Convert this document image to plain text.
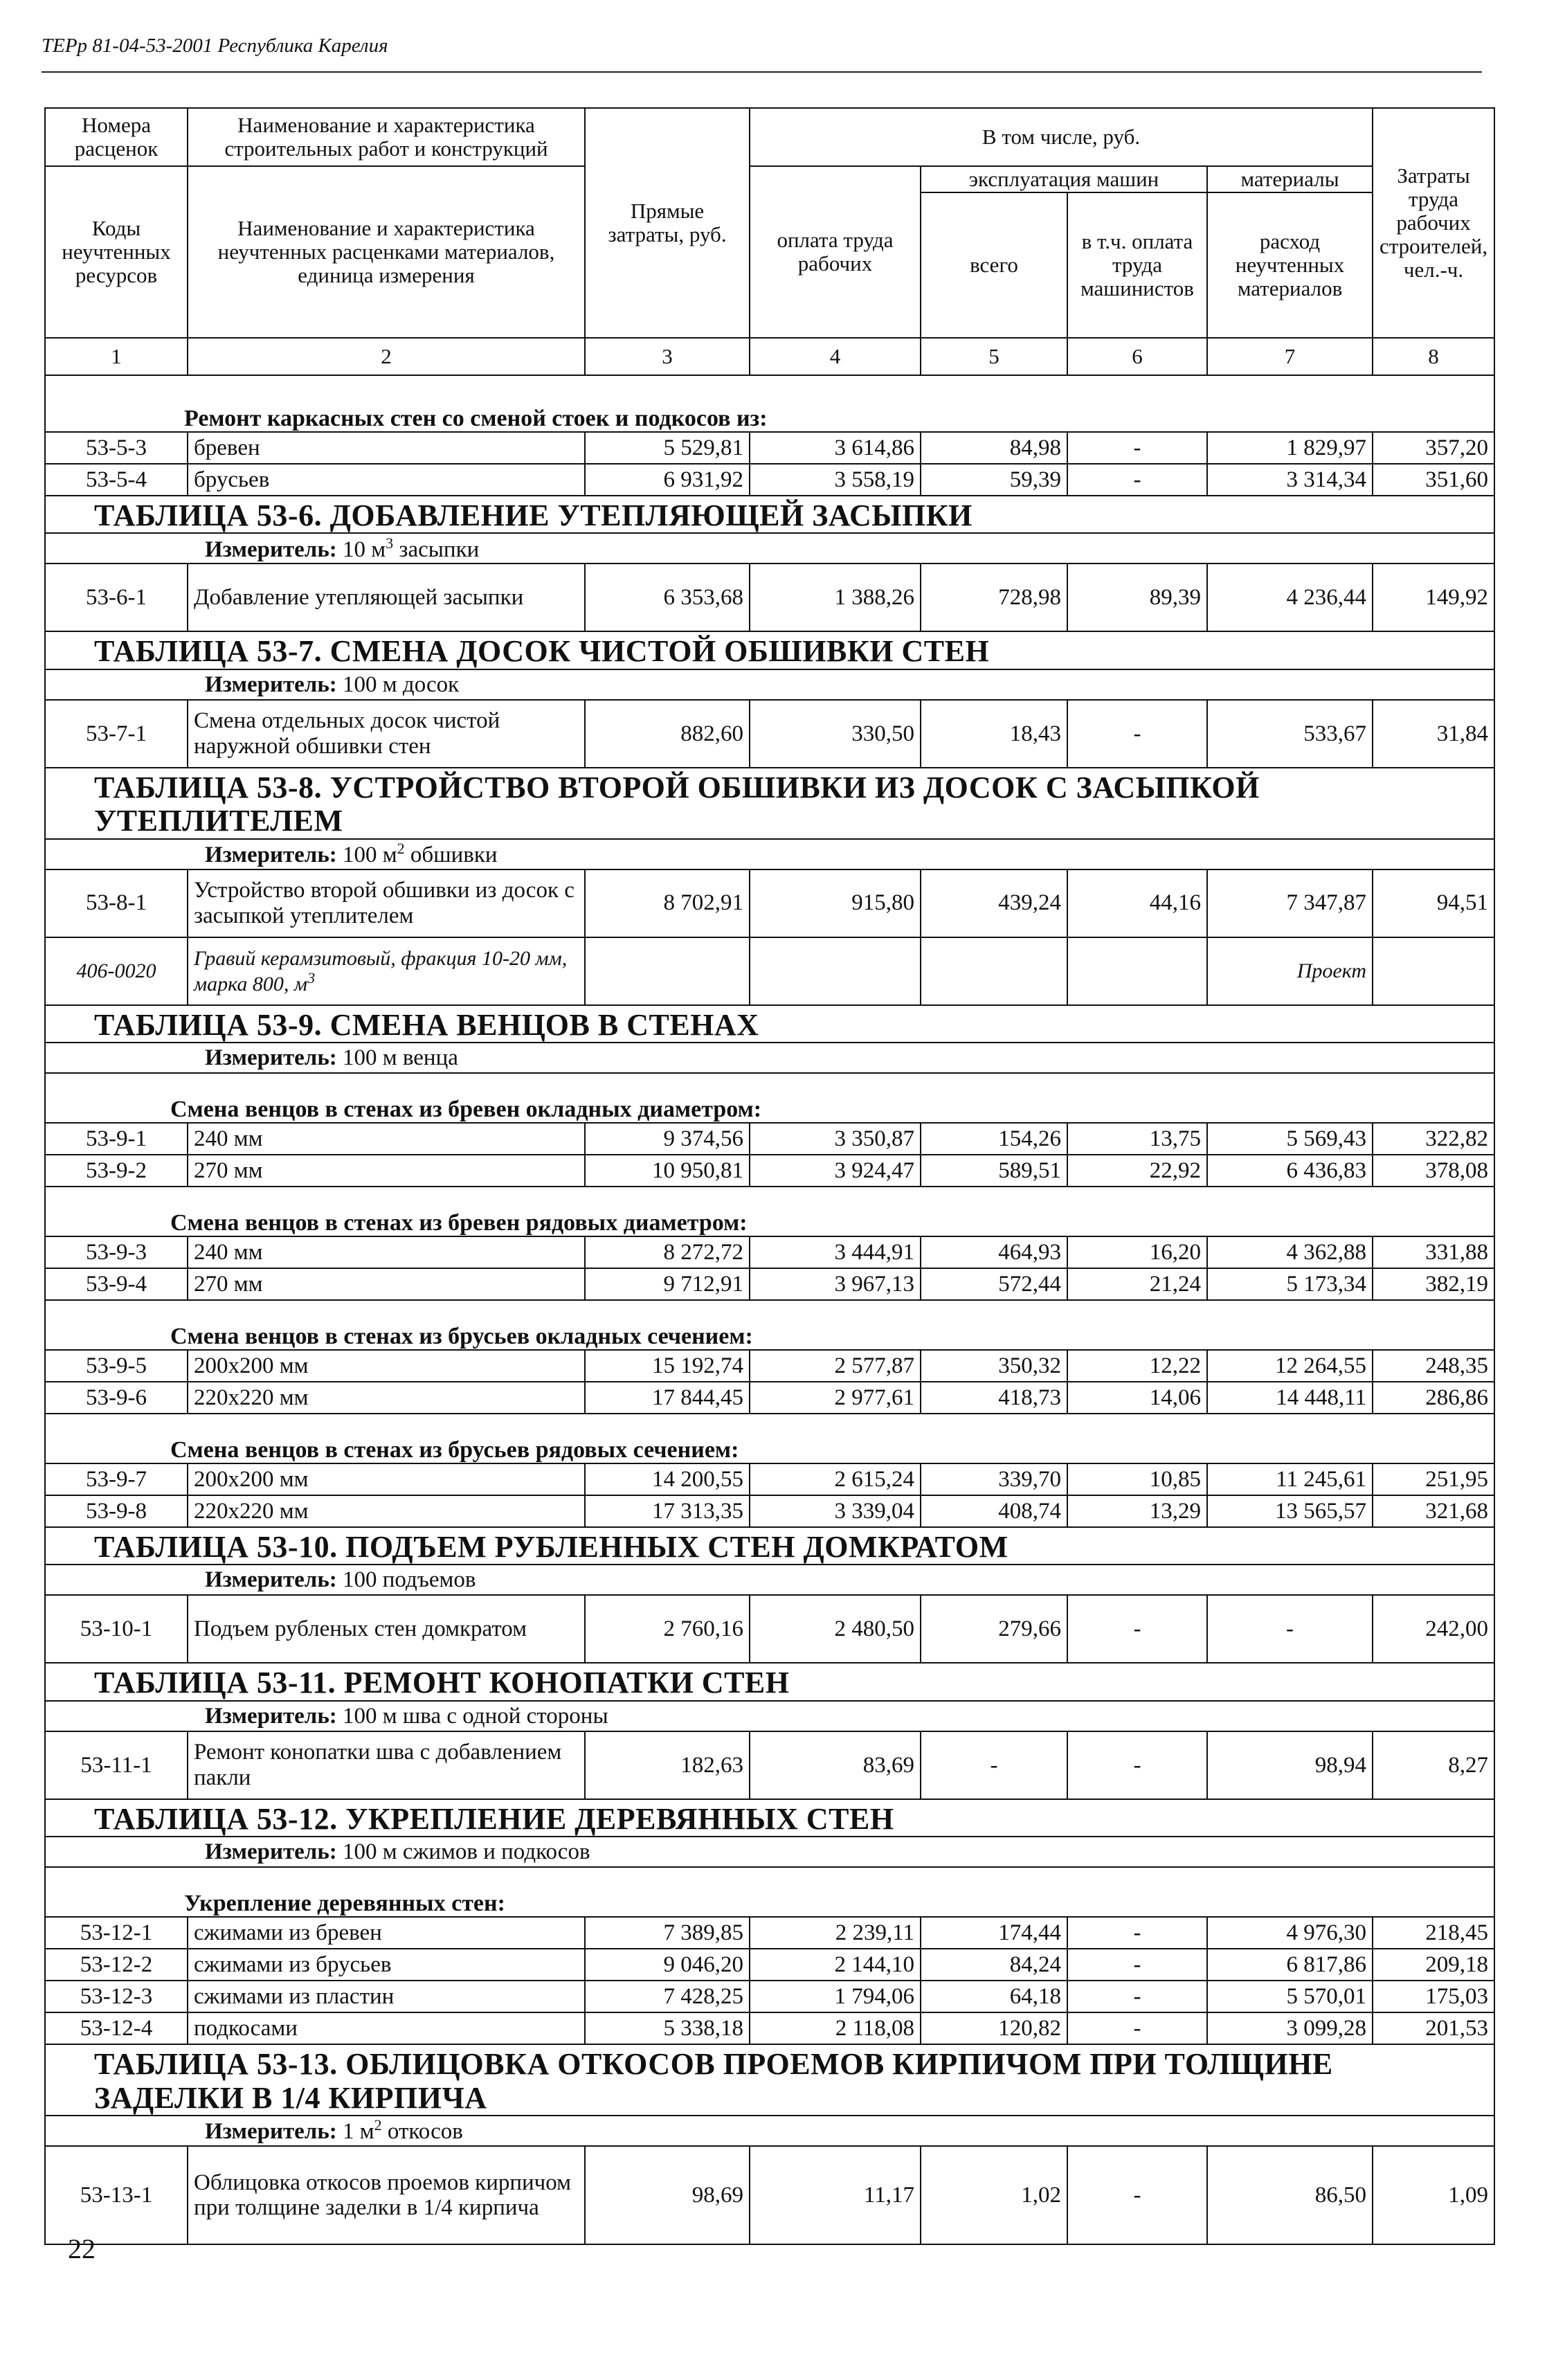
ТЕРр 81-04-53-2001 Республика Карелия
Номера расценок	Наименование и характеристика строительных работ и конструкций	Прямые затраты, руб.	В том числе, руб.				Затраты труда рабочих строителей, чел.-ч.
Коды неучтенных ресурсов	Наименование и характеристика неучтенных расценками материалов, единица измерения		оплата труда рабочих	эксплуатация машин		материалы	
				всего	в т.ч. оплата труда машинистов	расход неучтенных материалов	
1	2	3	4	5	6	7	8
Ремонт каркасных стен со сменой стоек и подкосов из:							
53-5-3	бревен	5 529,81	3 614,86	84,98	-	1 829,97	357,20
53-5-4	брусьев	6 931,92	3 558,19	59,39	-	3 314,34	351,60
ТАБЛИЦА 53-6. ДОБАВЛЕНИЕ УТЕПЛЯЮЩЕЙ ЗАСЫПКИ							
Измеритель: 10 $м^3$ засыпки							
53-6-1	Добавление утепляющей засыпки	6 353,68	1 388,26	728,98	89,39	4 236,44	149,92
ТАБЛИЦА 53-7. СМЕНА ДОСОК ЧИСТОЙ ОБШИВКИ СТЕН							
Измеритель: 100 м досок							
53-7-1	Смена отдельных досок чистой наружной обшивки стен	882,60	330,50	18,43	-	533,67	31,84
ТАБЛИЦА 53-8. УСТРОЙСТВО ВТОРОЙ ОБШИВКИ ИЗ ДОСОК С ЗАСЫПКОЙ УТЕПЛИТЕЛЕМ							
Измеритель: 100 $м^2$ обшивки							
53-8-1	Устройство второй обшивки из досок с засыпкой утеплителем	8 702,91	915,80	439,24	44,16	7 347,87	94,51
406-0020	Гравий керамзитовый, фракция 10-20 мм, марка 800, $м^3$					Проект	
ТАБЛИЦА 53-9. СМЕНА ВЕНЦОВ В СТЕНАХ							
Измеритель: 100 м венца							
Смена венцов в стенах из бревен окладных диаметром:							
53-9-1	240 мм	9 374,56	3 350,87	154,26	13,75	5 569,43	322,82
53-9-2	270 мм	10 950,81	3 924,47	589,51	22,92	6 436,83	378,08
Смена венцов в стенах из бревен рядовых диаметром:							
53-9-3	240 мм	8 272,72	3 444,91	464,93	16,20	4 362,88	331,88
53-9-4	270 мм	9 712,91	3 967,13	572,44	21,24	5 173,34	382,19
Смена венцов в стенах из брусьев окладных сечением:							
53-9-5	200x200 мм	15 192,74	2 577,87	350,32	12,22	12 264,55	248,35
53-9-6	220x220 мм	17 844,45	2 977,61	418,73	14,06	14 448,11	286,86
Смена венцов в стенах из брусьев рядовых сечением:							
53-9-7	200x200 мм	14 200,55	2 615,24	339,70	10,85	11 245,61	251,95
53-9-8	220x220 мм	17 313,35	3 339,04	408,74	13,29	13 565,57	321,68
ТАБЛИЦА 53-10. ПОДЪЕМ РУБЛЕННЫХ СТЕН ДОМКРАТОМ							
Измеритель: 100 подъемов							
53-10-1	Подъем рубленых стен домкратом	2 760,16	2 480,50	279,66	-	-	242,00
ТАБЛИЦА 53-11. РЕМОНТ КОНОПАТКИ СТЕН							
Измеритель: 100 м шва с одной стороны							
53-11-1	Ремонт конопатки шва с добавлением пакли	182,63	83,69	-	-	98,94	8,27
ТАБЛИЦА 53-12. УКРЕПЛЕНИЕ ДЕРЕВЯННЫХ СТЕН							
Измеритель: 100 м сжимов и подкосов							
Укрепление деревянных стен:							
53-12-1	сжимами из бревен	7 389,85	2 239,11	174,44	-	4 976,30	218,45
53-12-2	сжимами из брусьев	9 046,20	2 144,10	84,24	-	6 817,86	209,18
53-12-3	сжимами из пластин	7 428,25	1 794,06	64,18	-	5 570,01	175,03
53-12-4	подкосами	5 338,18	2 118,08	120,82	-	3 099,28	201,53
ТАБЛИЦА 53-13. ОБЛИЦОВКА ОТКОСОВ ПРОЕМОВ КИРПИЧОМ ПРИ ТОЛЩИНЕ ЗАДЕЛКИ В 1/4 КИРПИЧА							
Измеритель: 1 $м^2$ откосов							
53-13-1	Облицовка откосов проемов кирпичом при толщине заделки в 1/4 кирпича	98,69	11,17	1,02	-	86,50	1,09
22
